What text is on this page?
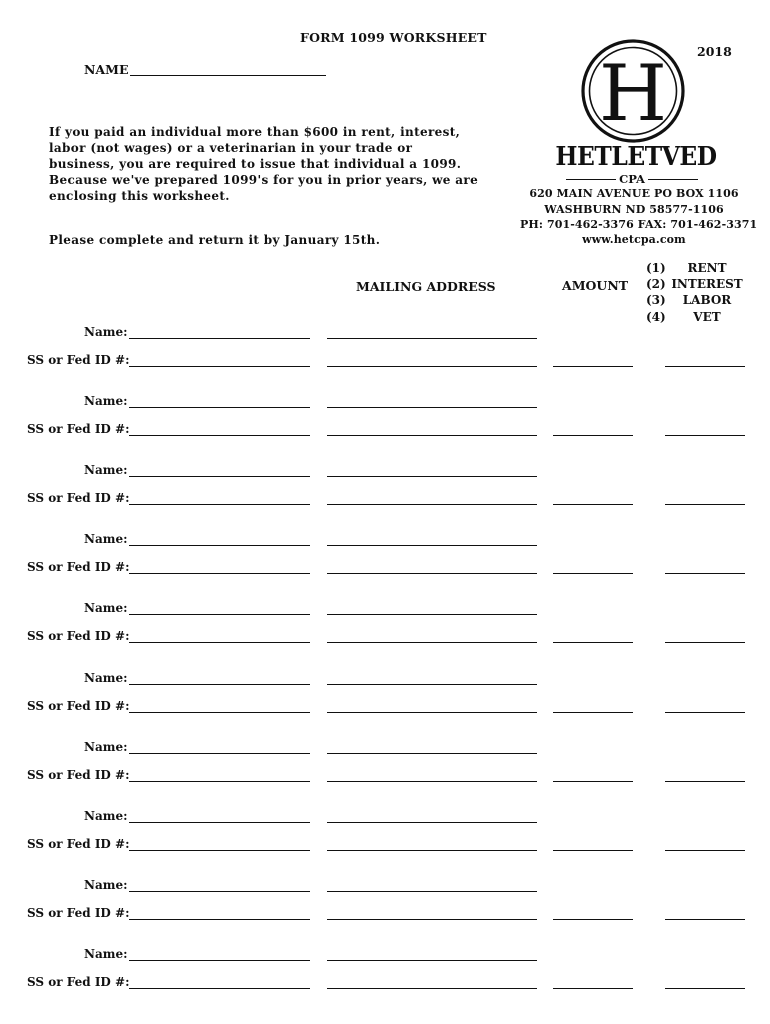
FORM 1099 WORKSHEET
2018
NAME
If you paid an individual more than $600 in rent, interest,
labor (not wages) or a veterinarian in your trade or
business, you are required to issue that individual a 1099.
Because we've prepared 1099's for you in prior years, we are
enclosing this worksheet.
Please complete and return it by January 15th.
H
HETLETVED
CPA
620 MAIN AVENUE PO BOX 1106
WASHBURN ND 58577-1106
PH: 701-462-3376 FAX: 701-462-3371
www.hetcpa.com
MAILING ADDRESS	AMOUNT
(1)	RENT
(2) INTEREST
(3)	LABOR
(4)	VET
Name:
SS or Fed ID #:
Name:
SS or Fed ID #:
Name:
SS or Fed ID #:
Name:
SS or Fed ID #:
Name:
SS or Fed ID #:
Name:
SS or Fed ID #:
Name:
SS or Fed ID #:
Name:
SS or Fed ID #:
Name:
SS or Fed ID #:
Name:
SS or Fed ID #:
